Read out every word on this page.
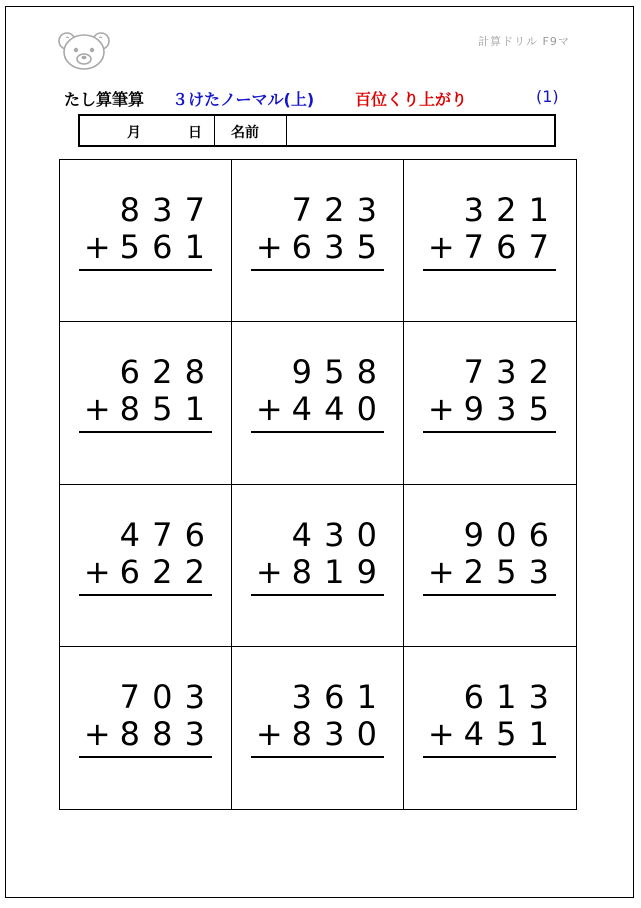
計算ドリル F9マ
たし算筆算 ３けたノーマル(上)	百位くり上がり	(1)
月	日	名前
8 3 7
+ 5 6 1
7 2 3
+ 6 3 5
3 2 1
+ 7 6 7
6 2 8
+ 8 5 1
9 5 8
+ 4 4 0
7 3 2
+ 9 3 5
4 7 6
+ 6 2 2
4 3 0
+ 8 1 9
9 0 6
+ 2 5 3
7 0 3
+ 8 8 3
3 6 1
+ 8 3 0
6 1 3
+ 4 5 1
